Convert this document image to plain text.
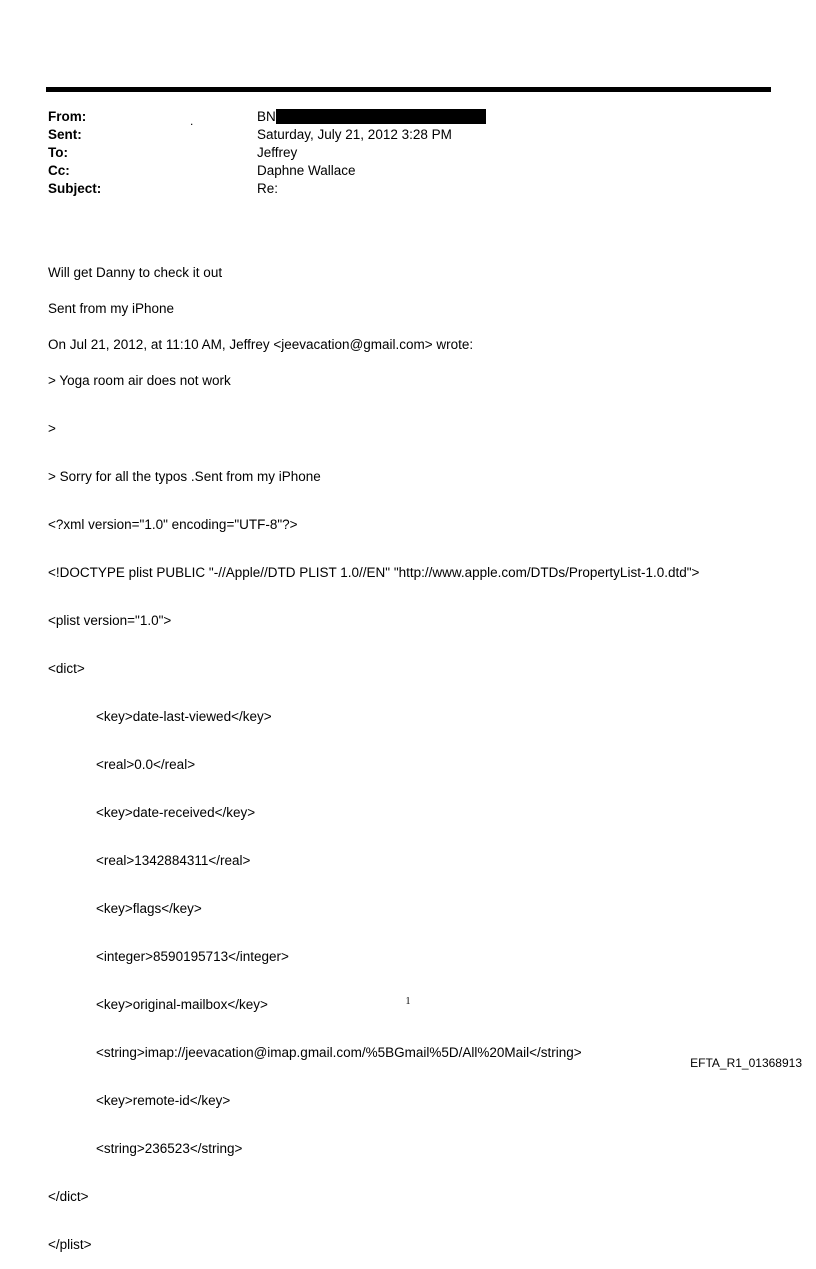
From:	.	BN
Sent:	Saturday, July 21, 2012 3:28 PM
To:	Jeffrey
Cc:	Daphne Wallace
Subject:	Re:

Will get Danny to check it out

Sent from my iPhone

On Jul 21, 2012, at 11:10 AM, Jeffrey <jeevacation@gmail.com> wrote:

> Yoga room air does not work

>

> Sorry for all the typos .Sent from my iPhone

<?xml version="1.0" encoding="UTF-8"?>

<!DOCTYPE plist PUBLIC "-//Apple//DTD PLIST 1.0//EN" "http://www.apple.com/DTDs/PropertyList-1.0.dtd">

<plist version="1.0">

<dict>

<key>date-last-viewed</key>

<real>0.0</real>

<key>date-received</key>

<real>1342884311</real>

<key>flags</key>

<integer>8590195713</integer>

<key>original-mailbox</key>

<string>imap://jeevacation@imap.gmail.com/%5BGmail%5D/All%20Mail</string>

<key>remote-id</key>

<string>236523</string>

</dict>

</plist>

1
EFTA_R1_01368913
